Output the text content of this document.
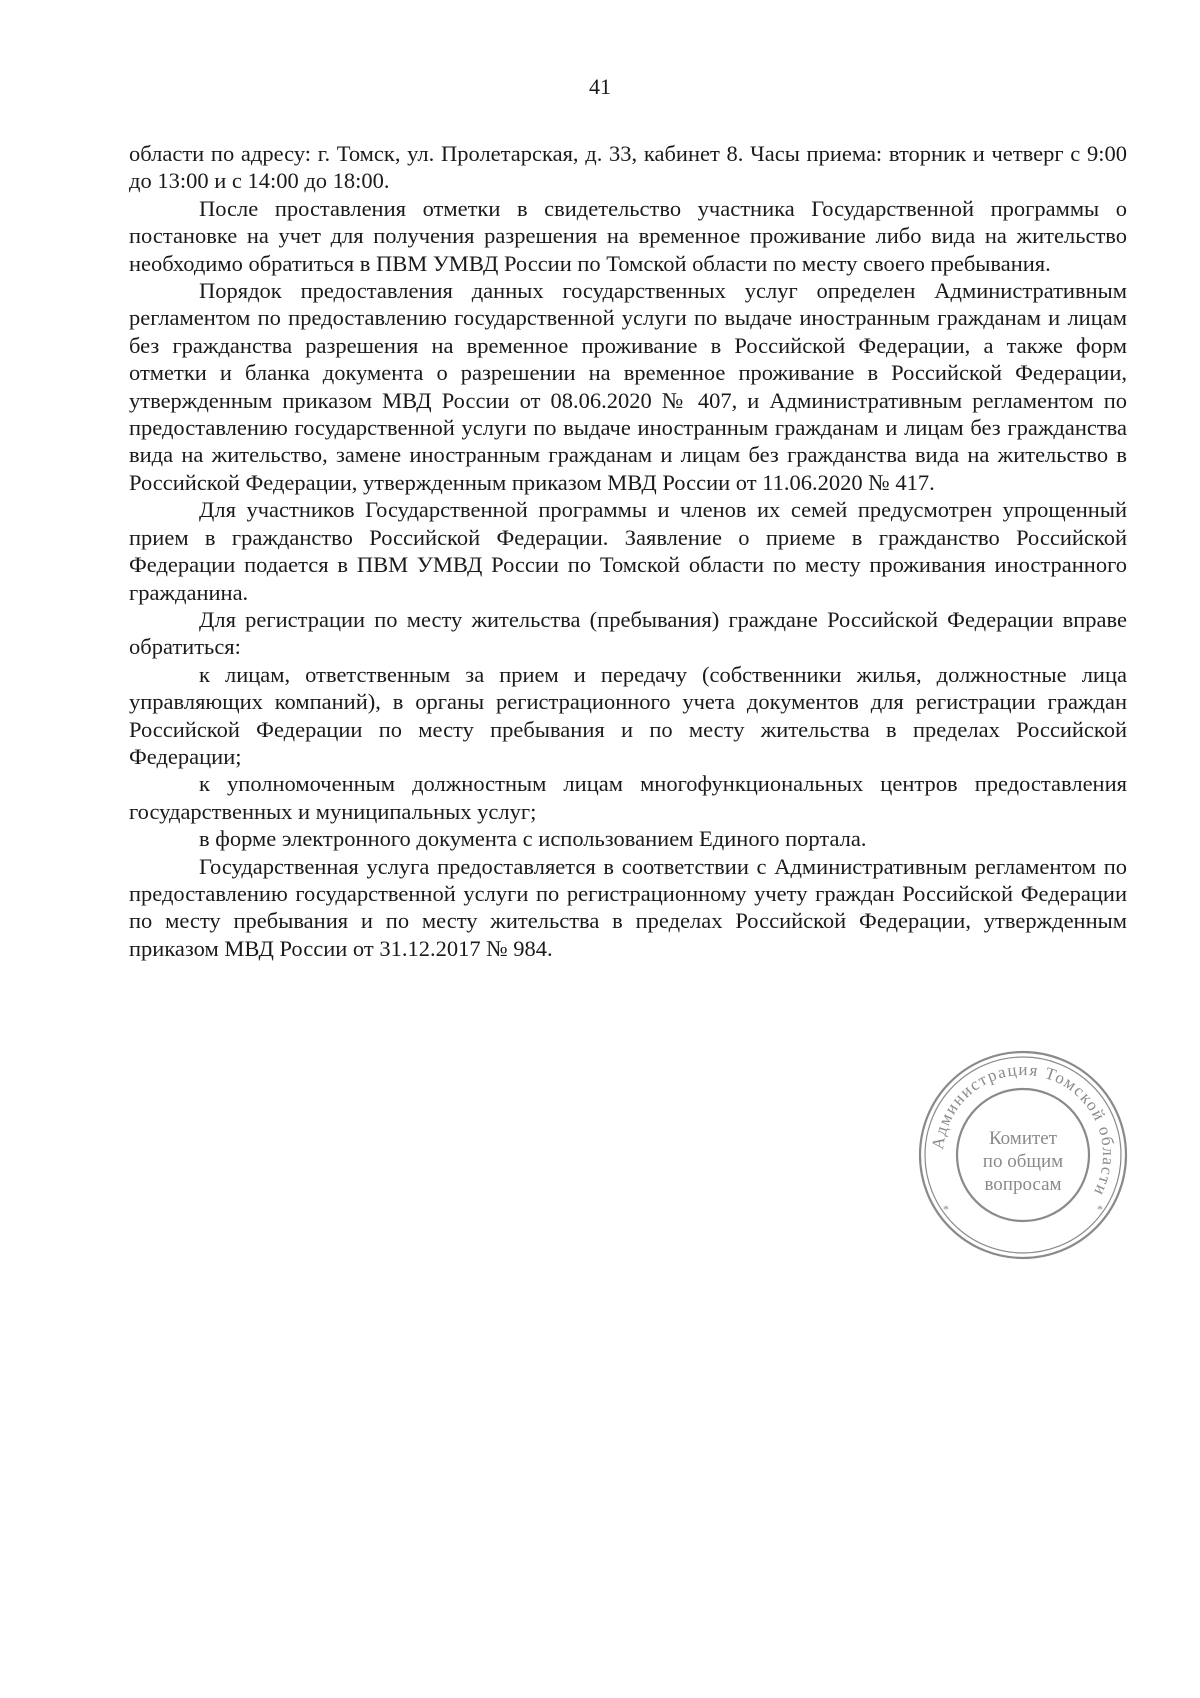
41

области по адресу: г. Томск, ул. Пролетарская, д. 33, кабинет 8. Часы приема: вторник и четверг с 9:00 до 13:00 и с 14:00 до 18:00.

После проставления отметки в свидетельство участника Государственной программы о постановке на учет для получения разрешения на временное проживание либо вида на жительство необходимо обратиться в ПВМ УМВД России по Томской области по месту своего пребывания.

Порядок предоставления данных государственных услуг определен Административным регламентом по предоставлению государственной услуги по выдаче иностранным гражданам и лицам без гражданства разрешения на временное проживание в Российской Федерации, а также форм отметки и бланка документа о разрешении на временное проживание в Российской Федерации, утвержденным приказом МВД России от 08.06.2020 № 407, и Административным регламентом по предоставлению государственной услуги по выдаче иностранным гражданам и лицам без гражданства вида на жительство, замене иностранным гражданам и лицам без гражданства вида на жительство в Российской Федерации, утвержденным приказом МВД России от 11.06.2020 № 417.

Для участников Государственной программы и членов их семей предусмотрен упрощенный прием в гражданство Российской Федерации. Заявление о приеме в гражданство Российской Федерации подается в ПВМ УМВД России по Томской области по месту проживания иностранного гражданина.

Для регистрации по месту жительства (пребывания) граждане Российской Федерации вправе обратиться:

к лицам, ответственным за прием и передачу (собственники жилья, должностные лица управляющих компаний), в органы регистрационного учета документов для регистрации граждан Российской Федерации по месту пребывания и по месту жительства в пределах Российской Федерации;

к уполномоченным должностным лицам многофункциональных центров предоставления государственных и муниципальных услуг;

в форме электронного документа с использованием Единого портала.

Государственная услуга предоставляется в соответствии с Административным регламентом по предоставлению государственной услуги по регистрационному учету граждан Российской Федерации по месту пребывания и по месту жительства в пределах Российской Федерации, утвержденным приказом МВД России от 31.12.2017 № 984.

Администрация Томской области
*
*
Комитет
по общим
вопросам
